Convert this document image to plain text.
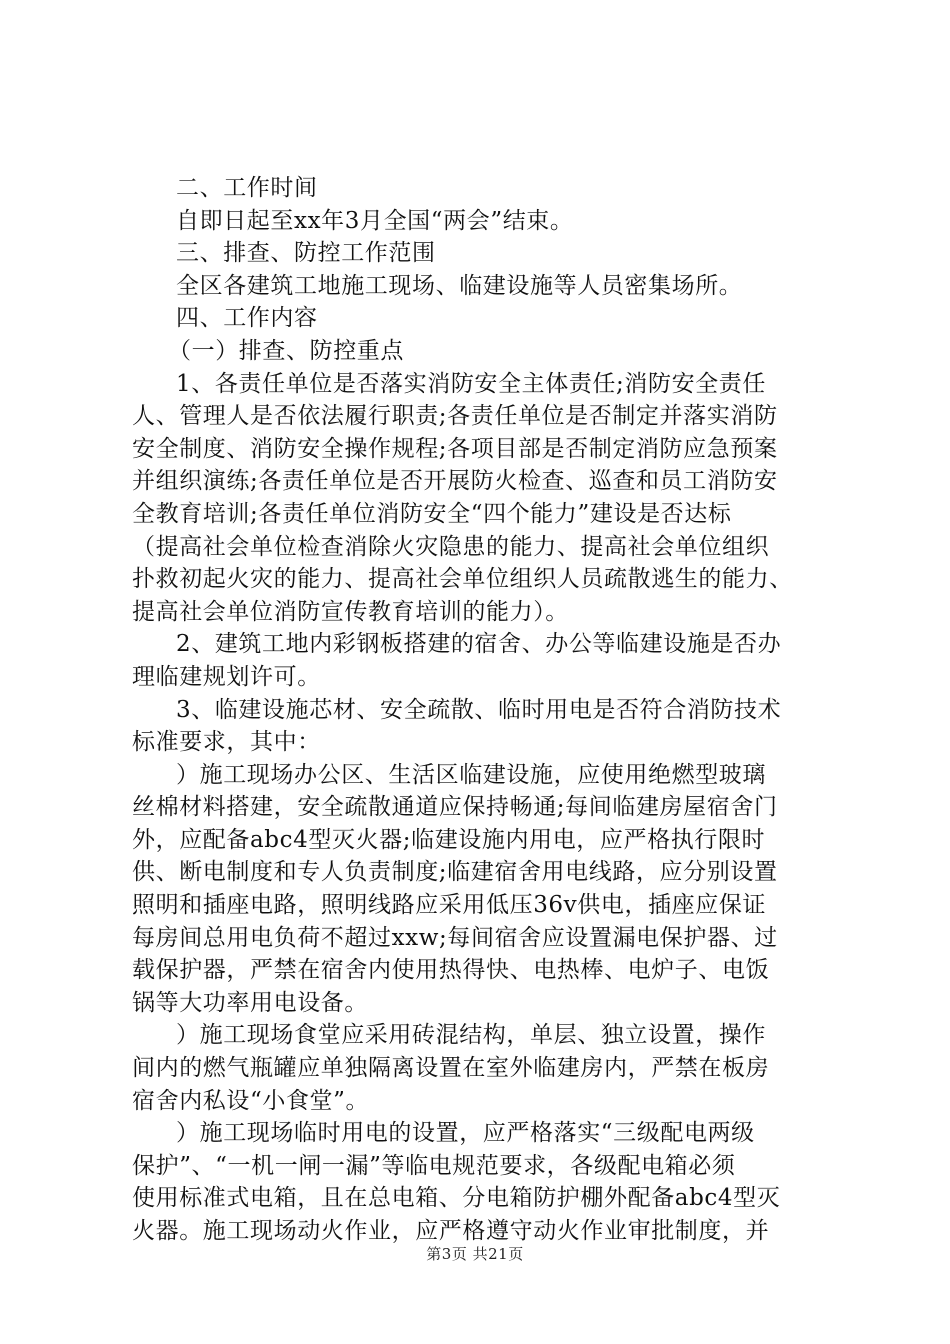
二、工作时间
自即日起至xx年3月全国“两会”结束。
三、排查、防控工作范围
全区各建筑工地施工现场、临建设施等人员密集场所。
四、工作内容
（一）排查、防控重点
1、各责任单位是否落实消防安全主体责任;消防安全责任
人、管理人是否依法履行职责;各责任单位是否制定并落实消防
安全制度、消防安全操作规程;各项目部是否制定消防应急预案
并组织演练;各责任单位是否开展防火检查、巡查和员工消防安
全教育培训;各责任单位消防安全“四个能力”建设是否达标
（提高社会单位检查消除火灾隐患的能力、提高社会单位组织
扑救初起火灾的能力、提高社会单位组织人员疏散逃生的能力、
提高社会单位消防宣传教育培训的能力）。
2、建筑工地内彩钢板搭建的宿舍、办公等临建设施是否办
理临建规划许可。
3、临建设施芯材、安全疏散、临时用电是否符合消防技术
标准要求，其中：
）施工现场办公区、生活区临建设施，应使用绝燃型玻璃
丝棉材料搭建，安全疏散通道应保持畅通;每间临建房屋宿舍门
外，应配备abc4型灭火器;临建设施内用电，应严格执行限时
供、断电制度和专人负责制度;临建宿舍用电线路，应分别设置
照明和插座电路，照明线路应采用低压36v供电，插座应保证
每房间总用电负荷不超过xxw;每间宿舍应设置漏电保护器、过
载保护器，严禁在宿舍内使用热得快、电热棒、电炉子、电饭
锅等大功率用电设备。
）施工现场食堂应采用砖混结构，单层、独立设置，操作
间内的燃气瓶罐应单独隔离设置在室外临建房内，严禁在板房
宿舍内私设“小食堂”。
）施工现场临时用电的设置，应严格落实“三级配电两级
保护”、“一机一闸一漏”等临电规范要求，各级配电箱必须
使用标准式电箱，且在总电箱、分电箱防护棚外配备abc4型灭
火器。施工现场动火作业，应严格遵守动火作业审批制度，并
第3页 共21页
